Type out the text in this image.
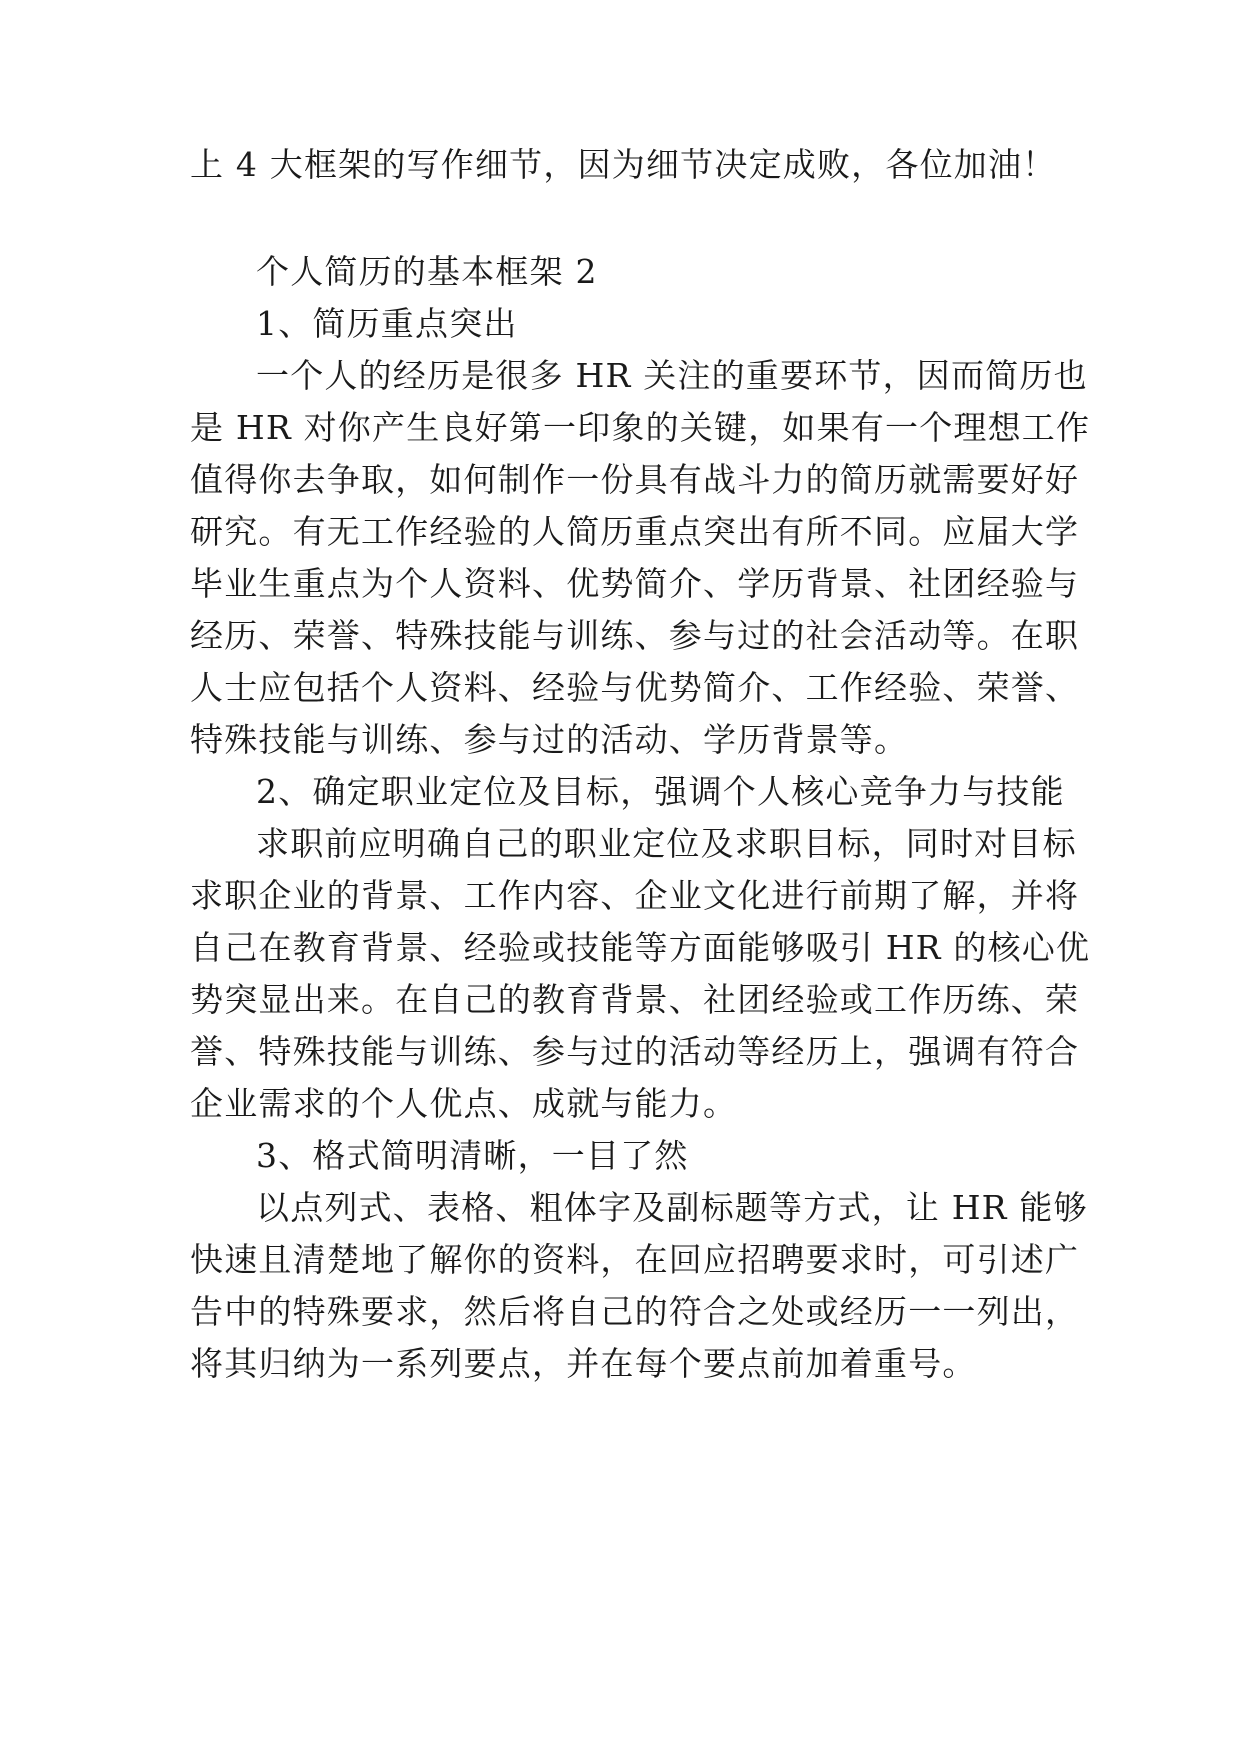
上 4 大框架的写作细节，因为细节决定成败，各位加油！
个人简历的基本框架 2
1、简历重点突出
一个人的经历是很多 HR 关注的重要环节，因而简历也
是 HR 对你产生良好第一印象的关键，如果有一个理想工作
值得你去争取，如何制作一份具有战斗力的简历就需要好好
研究。有无工作经验的人简历重点突出有所不同。应届大学
毕业生重点为个人资料、优势简介、学历背景、社团经验与
经历、荣誉、特殊技能与训练、参与过的社会活动等。在职
人士应包括个人资料、经验与优势简介、工作经验、荣誉、
特殊技能与训练、参与过的活动、学历背景等。
2、确定职业定位及目标，强调个人核心竞争力与技能
求职前应明确自己的职业定位及求职目标，同时对目标
求职企业的背景、工作内容、企业文化进行前期了解，并将
自己在教育背景、经验或技能等方面能够吸引 HR 的核心优
势突显出来。在自己的教育背景、社团经验或工作历练、荣
誉、特殊技能与训练、参与过的活动等经历上，强调有符合
企业需求的个人优点、成就与能力。
3、格式简明清晰，一目了然
以点列式、表格、粗体字及副标题等方式，让 HR 能够
快速且清楚地了解你的资料，在回应招聘要求时，可引述广
告中的特殊要求，然后将自己的符合之处或经历一一列出，
将其归纳为一系列要点，并在每个要点前加着重号。
